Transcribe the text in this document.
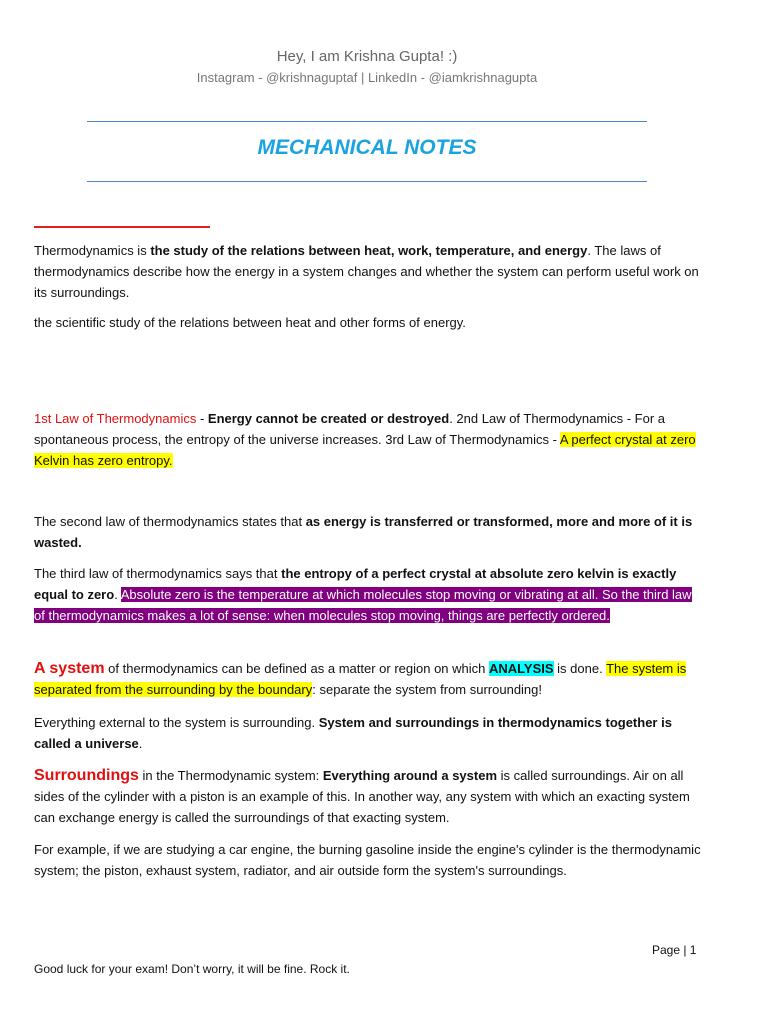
Hey, I am Krishna Gupta! :)
Instagram - @krishnaguptaf | LinkedIn - @iamkrishnagupta
MECHANICAL NOTES
Thermodynamics is the study of the relations between heat, work, temperature, and energy. The laws of thermodynamics describe how the energy in a system changes and whether the system can perform useful work on its surroundings.
the scientific study of the relations between heat and other forms of energy.
1st Law of Thermodynamics - Energy cannot be created or destroyed. 2nd Law of Thermodynamics - For a spontaneous process, the entropy of the universe increases. 3rd Law of Thermodynamics - A perfect crystal at zero Kelvin has zero entropy.
The second law of thermodynamics states that as energy is transferred or transformed, more and more of it is wasted.
The third law of thermodynamics says that the entropy of a perfect crystal at absolute zero kelvin is exactly equal to zero. Absolute zero is the temperature at which molecules stop moving or vibrating at all. So the third law of thermodynamics makes a lot of sense: when molecules stop moving, things are perfectly ordered.
A system of thermodynamics can be defined as a matter or region on which ANALYSIS is done. The system is separated from the surrounding by the boundary: separate the system from surrounding!
Everything external to the system is surrounding. System and surroundings in thermodynamics together is called a universe.
Surroundings in the Thermodynamic system: Everything around a system is called surroundings. Air on all sides of the cylinder with a piston is an example of this. In another way, any system with which an exacting system can exchange energy is called the surroundings of that exacting system.
For example, if we are studying a car engine, the burning gasoline inside the engine's cylinder is the thermodynamic system; the piston, exhaust system, radiator, and air outside form the system's surroundings.
Page | 1
Good luck for your exam! Don’t worry, it will be fine. Rock it.
